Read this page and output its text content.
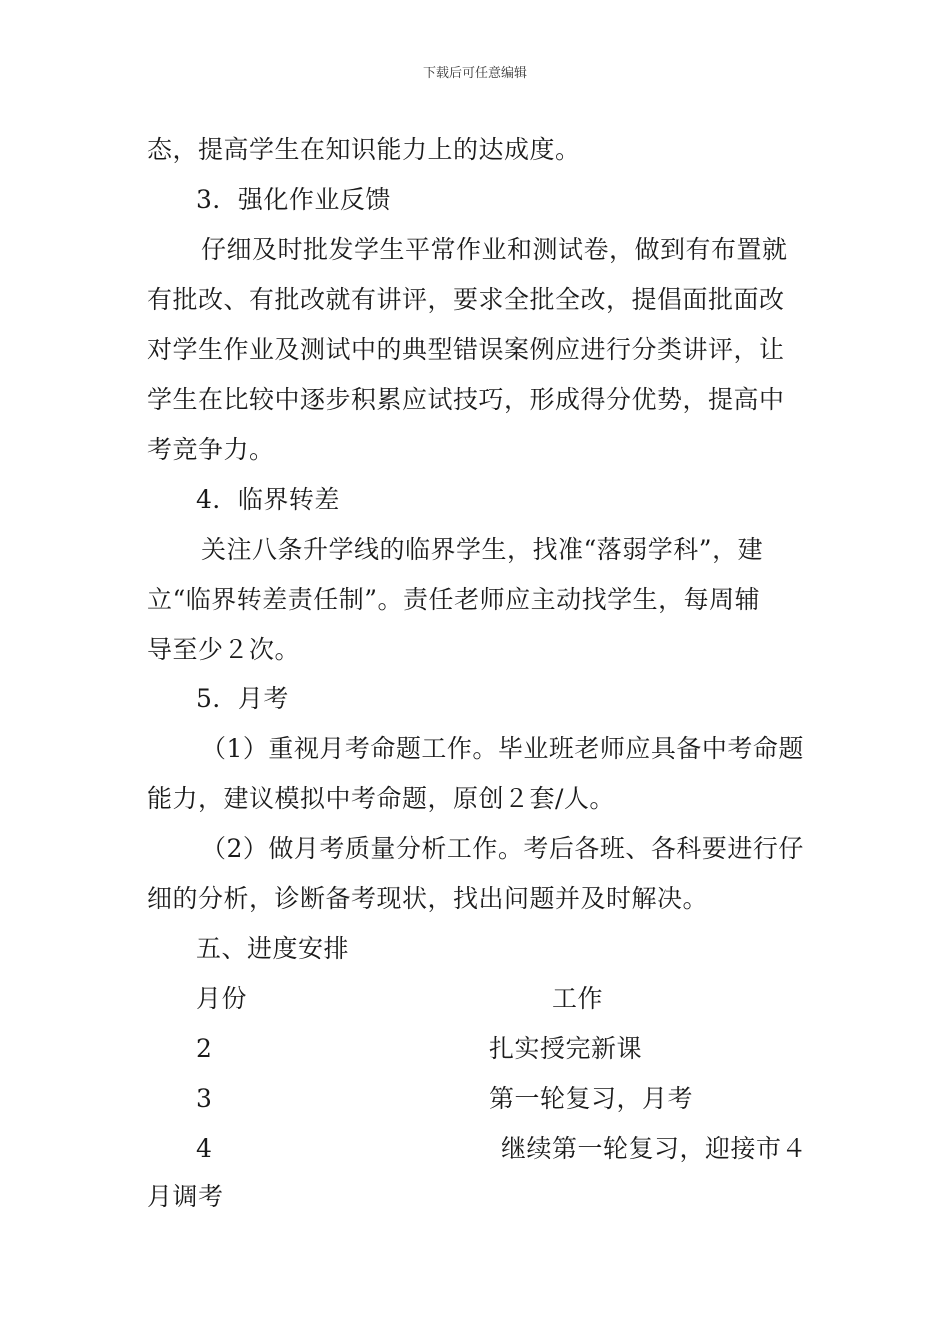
下载后可任意编辑
态，提高学生在知识能力上的达成度。
3．强化作业反馈
仔细及时批发学生平常作业和测试卷，做到有布置就
有批改、有批改就有讲评，要求全批全改，提倡面批面改
对学生作业及测试中的典型错误案例应进行分类讲评，让
学生在比较中逐步积累应试技巧，形成得分优势，提高中
考竞争力。
4．临界转差
关注八条升学线的临界学生，找准“落弱学科”，建
立“临界转差责任制”。责任老师应主动找学生，每周辅
导至少２次。
5．月考
（1）重视月考命题工作。毕业班老师应具备中考命题
能力，建议模拟中考命题，原创２套/人。
（2）做月考质量分析工作。考后各班、各科要进行仔
细的分析，诊断备考现状，找出问题并及时解决。
五、进度安排
月份	工作
2	扎实授完新课
3	第一轮复习，月考
4	继续第一轮复习，迎接市４
月调考
